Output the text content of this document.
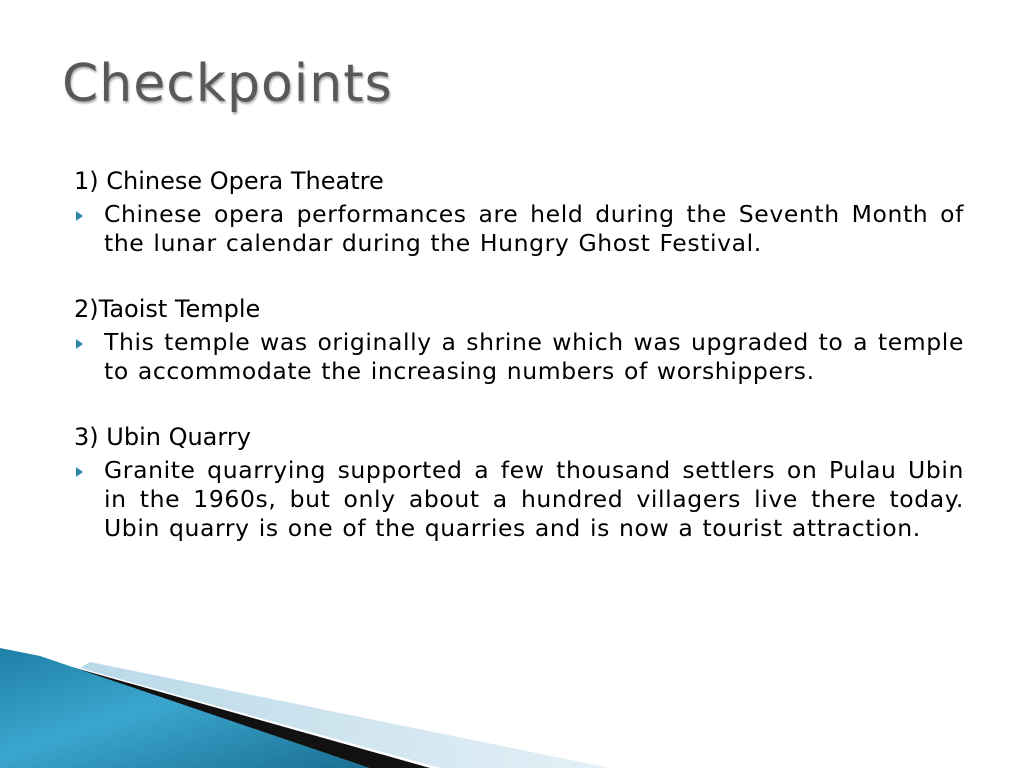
Checkpoints
1) Chinese Opera Theatre
Chinese opera performances are held during the Seventh Month of the lunar calendar during the Hungry Ghost Festival.
2)Taoist Temple
This temple was originally a shrine which was upgraded to a temple to accommodate the increasing numbers of worshippers.
3) Ubin Quarry
Granite quarrying supported a few thousand settlers on Pulau Ubin in the 1960s, but only about a hundred villagers live there today. Ubin quarry is one of the quarries and is now a tourist attraction.
